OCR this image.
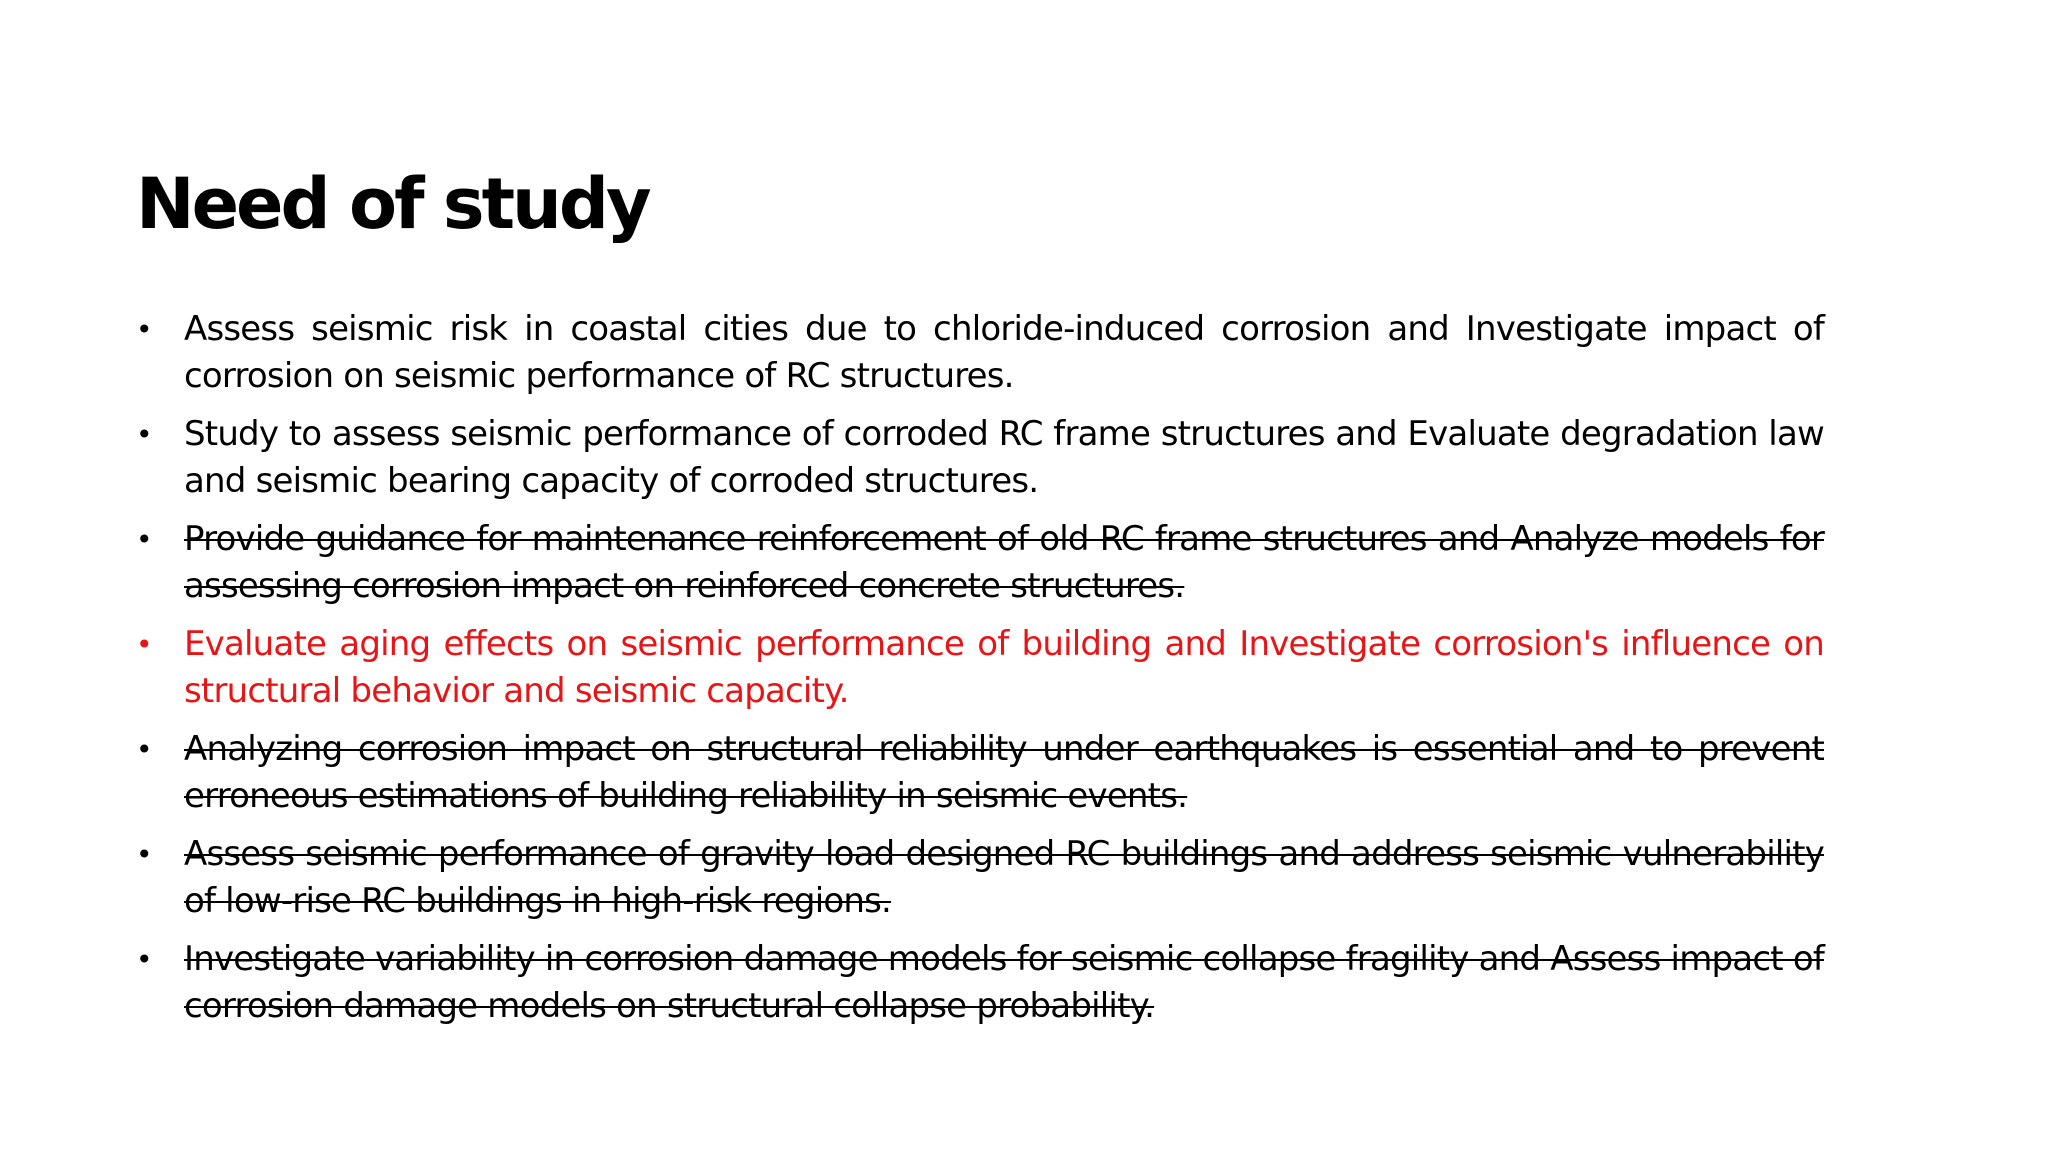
Need of study
• Assess seismic risk in coastal cities due to chloride-induced corrosion and Investigate impact of corrosion on seismic performance of RC structures.
• Study to assess seismic performance of corroded RC frame structures and Evaluate degradation law and seismic bearing capacity of corroded structures.
• Provide guidance for maintenance reinforcement of old RC frame structures and Analyze models for assessing corrosion impact on reinforced concrete structures.
• Evaluate aging effects on seismic performance of building and Investigate corrosion's influence on structural behavior and seismic capacity.
• Analyzing corrosion impact on structural reliability under earthquakes is essential and to prevent erroneous estimations of building reliability in seismic events.
• Assess seismic performance of gravity load designed RC buildings and address seismic vulnerability of low-rise RC buildings in high-risk regions.
• Investigate variability in corrosion damage models for seismic collapse fragility and Assess impact of corrosion damage models on structural collapse probability.
